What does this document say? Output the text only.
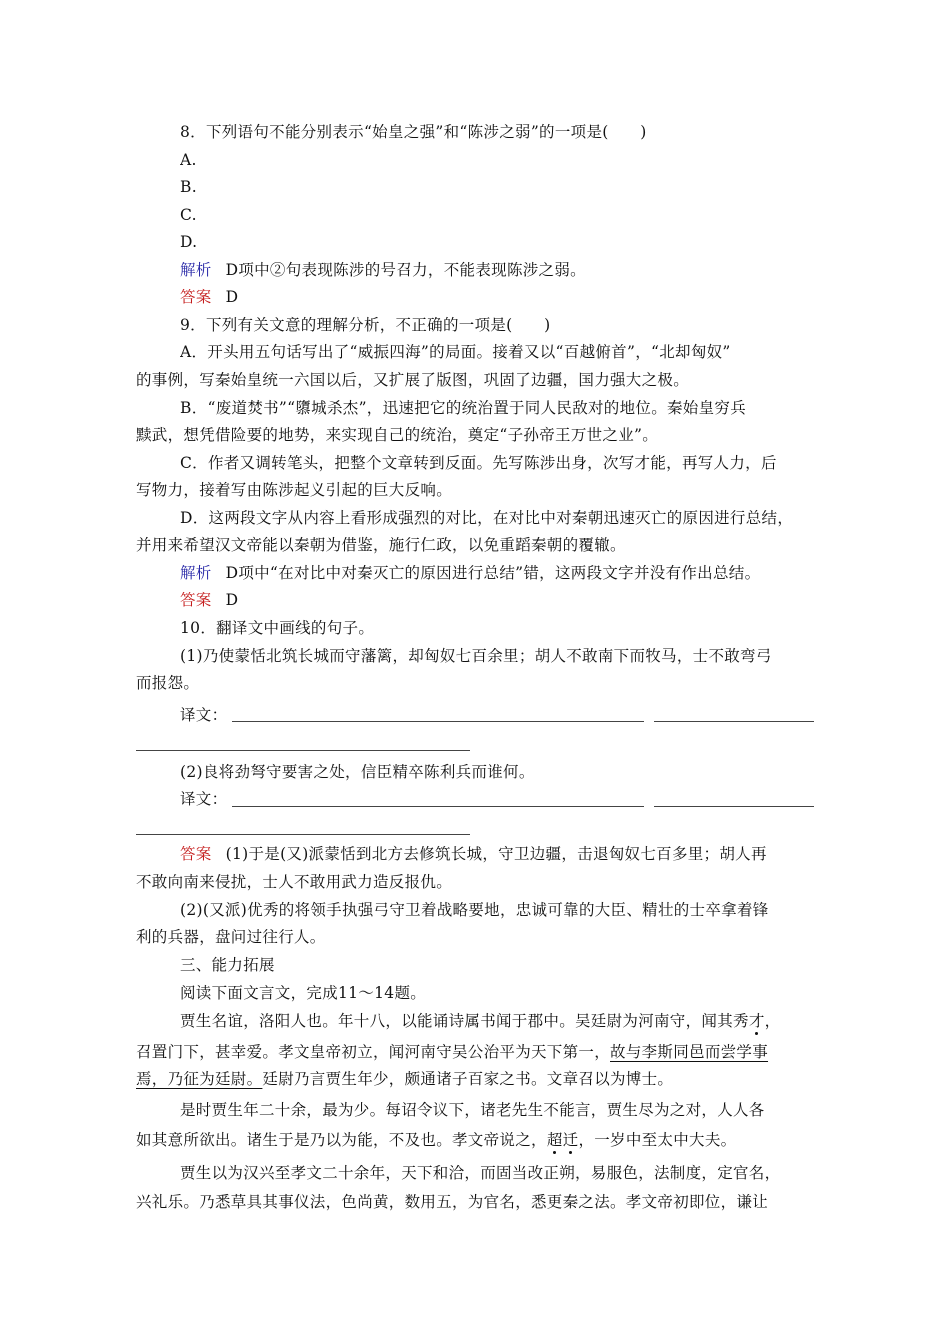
8．下列语句不能分别表示“始皇之强”和“陈涉之弱”的一项是(　　)
A.
B.
C.
D.
解析 D项中②句表现陈涉的号召力，不能表现陈涉之弱。
答案 D
9．下列有关文意的理解分析，不正确的一项是(　　)
A．开头用五句话写出了“威振四海”的局面。接着又以“百越俯首”，“北却匈奴”
的事例，写秦始皇统一六国以后，又扩展了版图，巩固了边疆，国力强大之极。
B．“废道焚书”“隳城杀杰”，迅速把它的统治置于同人民敌对的地位。秦始皇穷兵
黩武，想凭借险要的地势，来实现自己的统治，奠定“子孙帝王万世之业”。
C．作者又调转笔头，把整个文章转到反面。先写陈涉出身，次写才能，再写人力，后
写物力，接着写由陈涉起义引起的巨大反响。
D．这两段文字从内容上看形成强烈的对比，在对比中对秦朝迅速灭亡的原因进行总结，
并用来希望汉文帝能以秦朝为借鉴，施行仁政，以免重蹈秦朝的覆辙。
解析 D项中“在对比中对秦灭亡的原因进行总结”错，这两段文字并没有作出总结。
答案 D
10．翻译文中画线的句子。
(1)乃使蒙恬北筑长城而守藩篱，却匈奴七百余里；胡人不敢南下而牧马，士不敢弯弓
而报怨。
译文：
(2)良将劲弩守要害之处，信臣精卒陈利兵而谁何。
译文：
答案 (1)于是(又)派蒙恬到北方去修筑长城，守卫边疆，击退匈奴七百多里；胡人再
不敢向南来侵扰，士人不敢用武力造反报仇。
(2)(又派)优秀的将领手执强弓守卫着战略要地，忠诚可靠的大臣、精壮的士卒拿着锋
利的兵器，盘问过往行人。
三、能力拓展
阅读下面文言文，完成11～14题。
贾生名谊，洛阳人也。年十八，以能诵诗属书闻于郡中。吴廷尉为河南守，闻其秀才，
召置门下，甚幸爱。孝文皇帝初立，闻河南守吴公治平为天下第一，故与李斯同邑而尝学事
焉，乃征为廷尉。廷尉乃言贾生年少，颇通诸子百家之书。文章召以为博士。
是时贾生年二十余，最为少。每诏令议下，诸老先生不能言，贾生尽为之对，人人各
如其意所欲出。诸生于是乃以为能，不及也。孝文帝说之，超迁，一岁中至太中大夫。
贾生以为汉兴至孝文二十余年，天下和洽，而固当改正朔，易服色，法制度，定官名，
兴礼乐。乃悉草具其事仪法，色尚黄，数用五，为官名，悉更秦之法。孝文帝初即位，谦让
